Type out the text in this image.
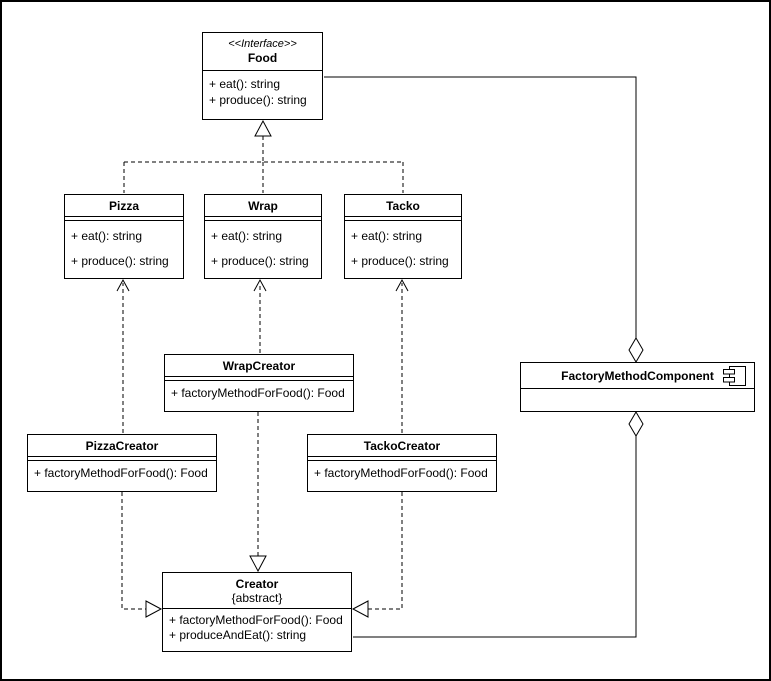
<<Interface>>
Food
+ eat(): string
+ produce(): string
Pizza
+ eat(): string
+ produce(): string
Wrap
+ eat(): string
+ produce(): string
Tacko
+ eat(): string
+ produce(): string
WrapCreator
+ factoryMethodForFood(): Food
PizzaCreator
+ factoryMethodForFood(): Food
TackoCreator
+ factoryMethodForFood(): Food
Creator
{abstract}
+ factoryMethodForFood(): Food
+ produceAndEat(): string
FactoryMethodComponent
